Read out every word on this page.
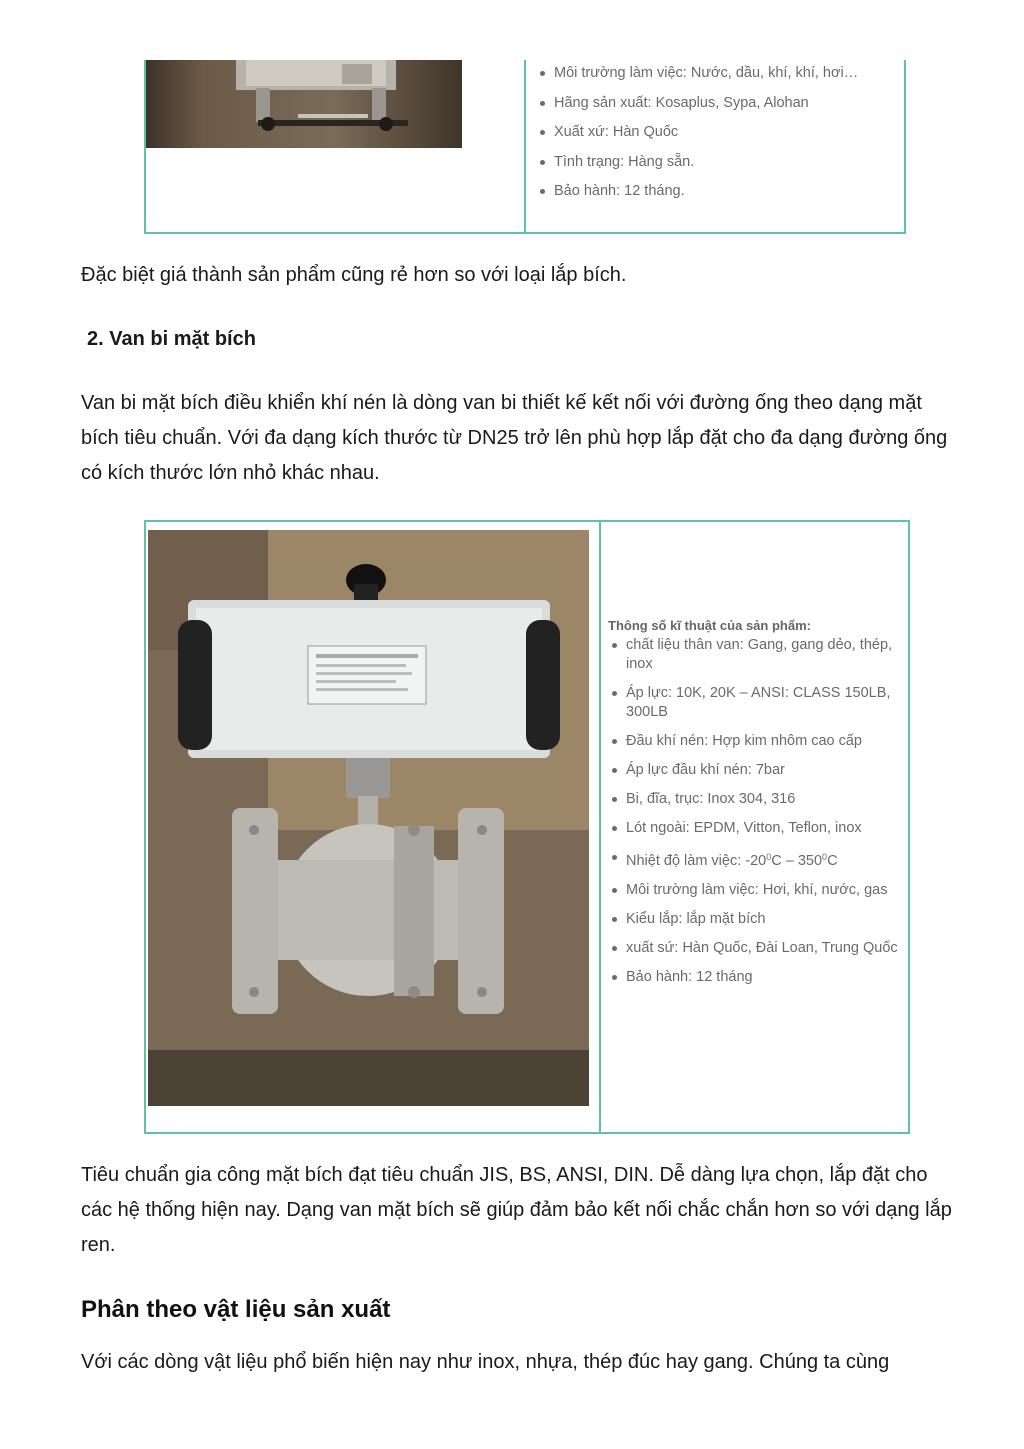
Môi trường làm việc: Nước, dầu, khí, khí, hơi…
Hãng sản xuất: Kosaplus, Sypa, Alohan
Xuất xứ: Hàn Quốc
Tình trạng: Hàng sẵn.
Bảo hành: 12 tháng.

Đặc biệt giá thành sản phẩm cũng rẻ hơn so với loại lắp bích.

2. Van bi mặt bích

Van bi mặt bích điều khiển khí nén là dòng van bi thiết kế kết nối với đường ống theo dạng mặt bích tiêu chuẩn. Với đa dạng kích thước từ DN25 trở lên phù hợp lắp đặt cho đa dạng đường ống có kích thước lớn nhỏ khác nhau.

Thông số kĩ thuật của sản phẩm:
chất liệu thân van: Gang, gang dẻo, thép, inox
Áp lực: 10K, 20K – ANSI: CLASS 150LB, 300LB
Đầu khí nén: Hợp kim nhôm cao cấp
Áp lực đầu khí nén: 7bar
Bi, đĩa, trục: Inox 304, 316
Lót ngoài: EPDM, Vitton, Teflon, inox
Nhiệt độ làm việc: $-20^0C - 350^0C$
Môi trường làm việc: Hơi, khí, nước, gas
Kiểu lắp: lắp mặt bích
xuất sứ: Hàn Quốc, Đài Loan, Trung Quốc
Bảo hành: 12 tháng

Tiêu chuẩn gia công mặt bích đạt tiêu chuẩn JIS, BS, ANSI, DIN. Dễ dàng lựa chọn, lắp đặt cho các hệ thống hiện nay. Dạng van mặt bích sẽ giúp đảm bảo kết nối chắc chắn hơn so với dạng lắp ren.

Phân theo vật liệu sản xuất

Với các dòng vật liệu phổ biến hiện nay như inox, nhựa, thép đúc hay gang. Chúng ta cùng
